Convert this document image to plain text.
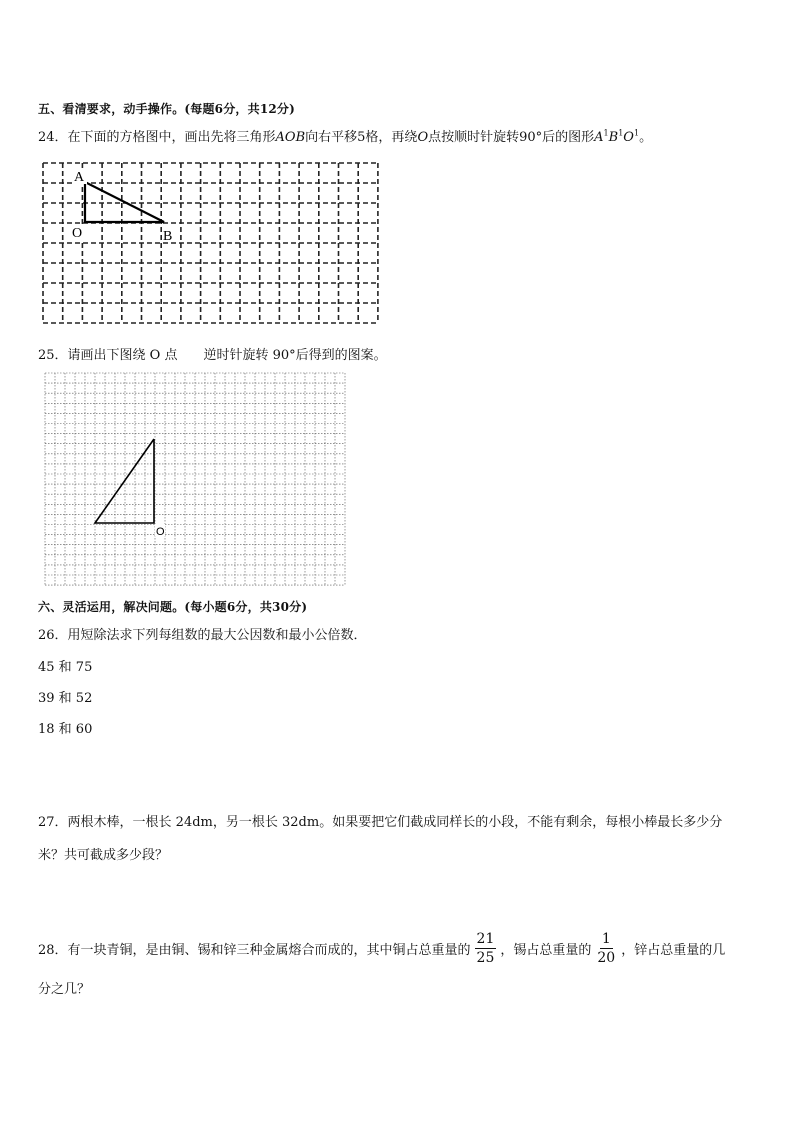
五、看清要求，动手操作。(每题6分，共12分)
24．在下面的方格图中，画出先将三角形AOB向右平移5格，再绕O点按顺时针旋转90°后的图形$A^1B^1O^1$。
A
O	B
25．请画出下图绕 O 点　　逆时针旋转 90°后得到的图案。
O
六、灵活运用，解决问题。(每小题6分，共30分)
26．用短除法求下列每组数的最大公因数和最小公倍数．
45 和 75
39 和 52
18 和 60
27．两根木棒，一根长 24dm，另一根长 32dm。如果要把它们截成同样长的小段，不能有剩余，每根小棒最长多少分
米？共可截成多少段？
28．有一块青铜，是由铜、锡和锌三种金属熔合而成的，其中铜占总重量的 $\frac{21}{25}$ ，锡占总重量的 $\frac{1}{20}$ ，锌占总重量的几
分之几？
